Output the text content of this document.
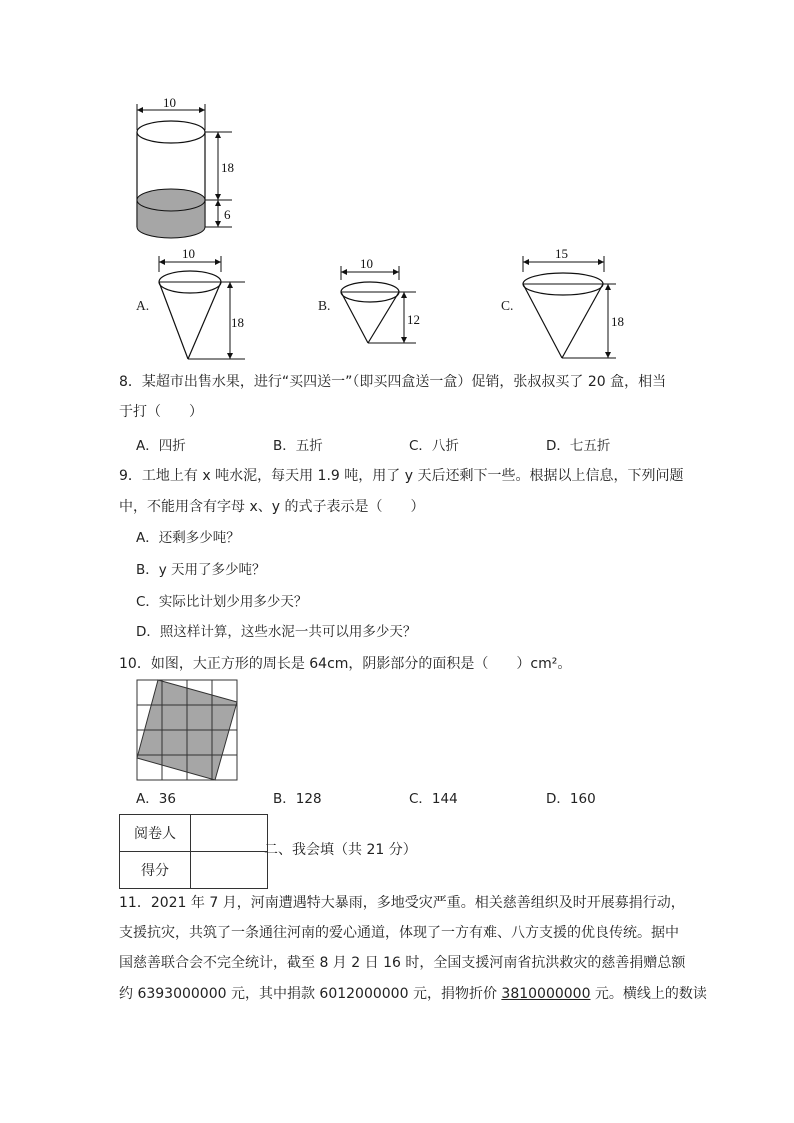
10
18
6
A.
10
18
B.
10
12
C.
15
18
8．某超市出售水果，进行“买四送一”（即买四盒送一盒）促销，张叔叔买了 20 盒，相当
于打（　　）
A．四折	B．五折	C．八折	D．七五折
9．工地上有 x 吨水泥，每天用 1.9 吨，用了 y 天后还剩下一些。根据以上信息，下列问题
中，不能用含有字母 x、y 的式子表示是（　　）
A．还剩多少吨？
B．y 天用了多少吨？
C．实际比计划少用多少天？
D．照这样计算，这些水泥一共可以用多少天？
10．如图，大正方形的周长是 64cm，阴影部分的面积是（　　）cm²。
A．36	B．128	C．144	D．160
阅卷人	
得分	
二、我会填（共 21 分）
11．2021 年 7 月，河南遭遇特大暴雨，多地受灾严重。相关慈善组织及时开展募捐行动，
支援抗灾，共筑了一条通往河南的爱心通道，体现了一方有难、八方支援的优良传统。据中
国慈善联合会不完全统计，截至 8 月 2 日 16 时，全国支援河南省抗洪救灾的慈善捐赠总额
约 6393000000 元，其中捐款 6012000000 元，捐物折价 3810000000 元。横线上的数读
